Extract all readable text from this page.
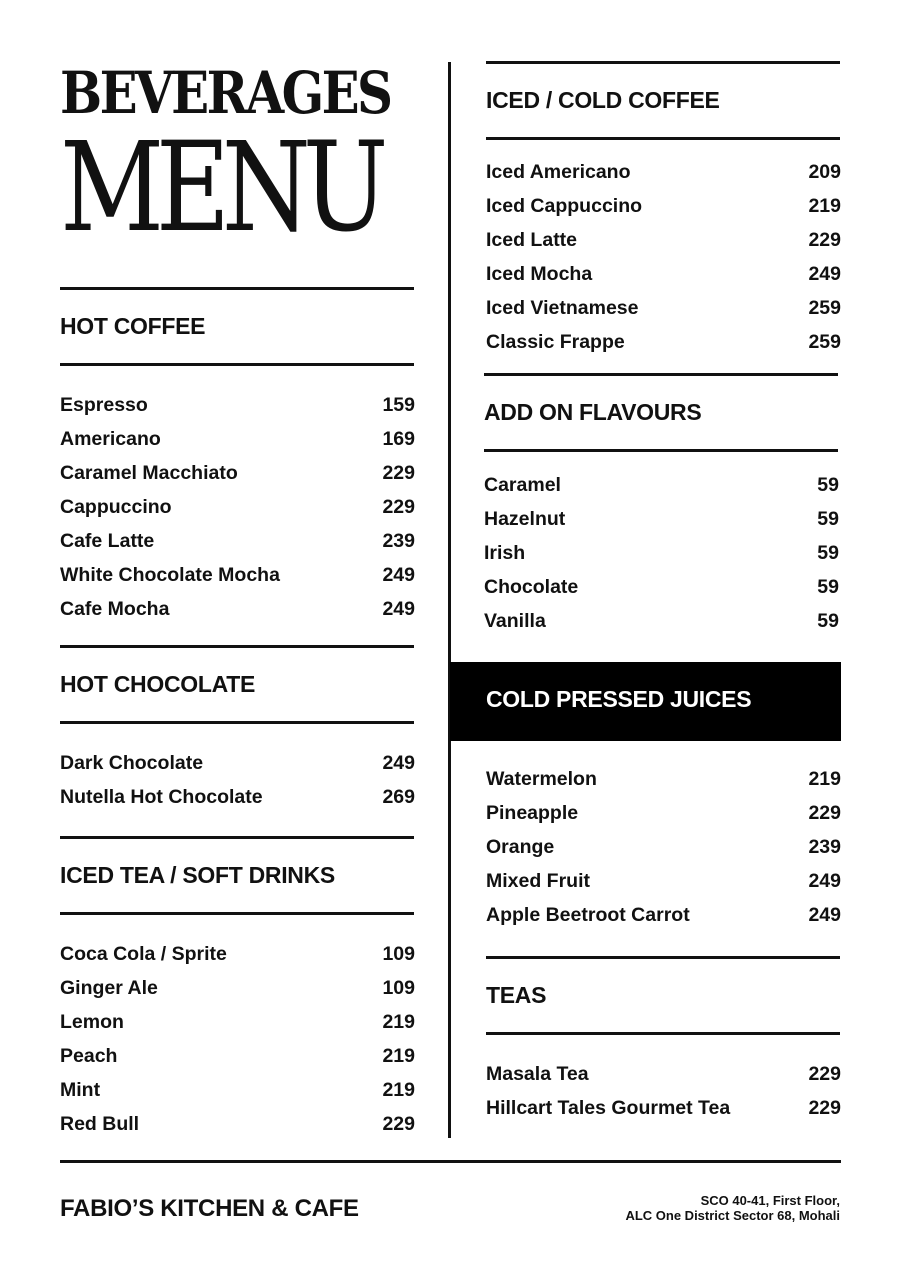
BEVERAGES
MENU
HOT COFFEE
HOT CHOCOLATE
ICED TEA / SOFT DRINKS
ICED / COLD COFFEE
ADD ON FLAVOURS
COLD PRESSED JUICES
TEAS
FABIO’S KITCHEN & CAFE	SCO 40-41, First Floor,
ALC One District Sector 68, Mohali
Espresso	159
Americano	169
Caramel Macchiato	229
Cappuccino	229
Cafe Latte	239
White Chocolate Mocha	249
Cafe Mocha	249
Dark Chocolate	249
Nutella Hot Chocolate	269
Coca Cola / Sprite	109
Ginger Ale	109
Lemon	219
Peach	219
Mint	219
Red Bull	229
Iced Americano	209
Iced Cappuccino	219
Iced Latte	229
Iced Mocha	249
Iced Vietnamese	259
Classic Frappe	259
Caramel	59
Hazelnut	59
Irish	59
Chocolate	59
Vanilla	59
Watermelon	219
Pineapple	229
Orange	239
Mixed Fruit	249
Apple Beetroot Carrot	249
Masala Tea	229
Hillcart Tales Gourmet Tea	229
